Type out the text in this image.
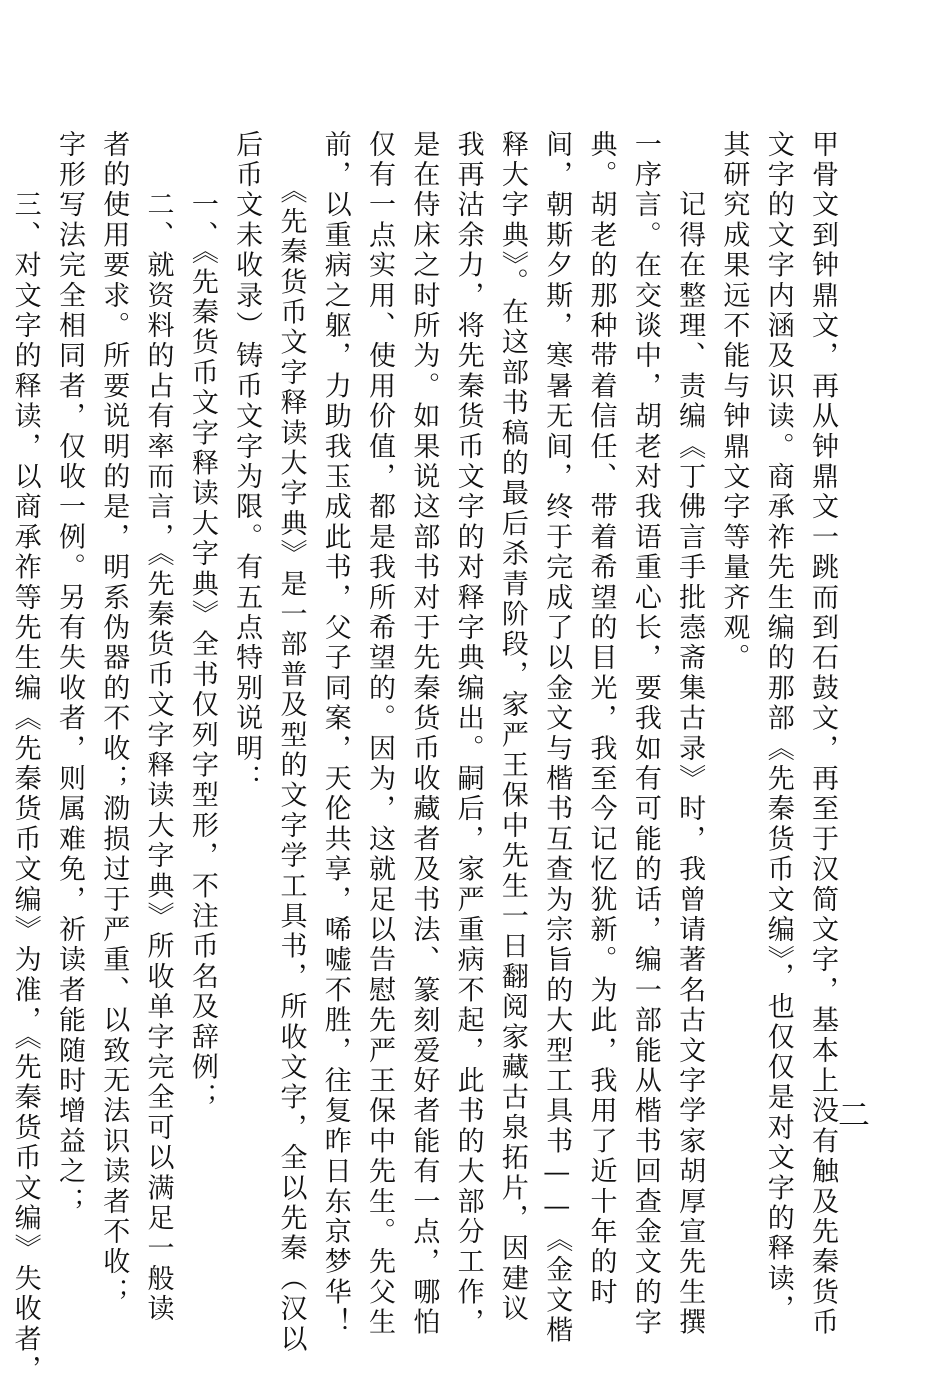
二
甲骨文到钟鼎文，再从钟鼎文一跳而到石鼓文，再至于汉简文字，基本上没有触及先秦货币
文字的文字内涵及识读。商承祚先生编的那部《先秦货币文编》，也仅仅是对文字的释读，
其研究成果远不能与钟鼎文字等量齐观。
　　记得在整理、责编《丁佛言手批悫斋集古录》时，我曾请著名古文字学家胡厚宣先生撰
一序言。在交谈中，胡老对我语重心长，要我如有可能的话，编一部能从楷书回查金文的字
典。胡老的那种带着信任、带着希望的目光，我至今记忆犹新。为此，我用了近十年的时
间，朝斯夕斯，寒暑无间，终于完成了以金文与楷书互查为宗旨的大型工具书——《金文楷
释大字典》。在这部书稿的最后杀青阶段，家严王保中先生一日翻阅家藏古泉拓片，因建议
我再沽余力，将先秦货币文字的对释字典编出。嗣后，家严重病不起，此书的大部分工作，
是在侍床之时所为。如果说这部书对于先秦货币收藏者及书法、篆刻爱好者能有一点，哪怕
仅有一点实用、使用价值，都是我所希望的。因为，这就足以告慰先严王保中先生。先父生
前，以重病之躯，力助我玉成此书，父子同案，天伦共享，唏嘘不胜，往复昨日东京梦华！
　　《先秦货币文字释读大字典》是一部普及型的文字学工具书，所收文字，全以先秦（汉以
后币文未收录）铸币文字为限。有五点特别说明：
　　一、《先秦货币文字释读大字典》全书仅列字型形，不注币名及辞例；
　　二、就资料的占有率而言，《先秦货币文字释读大字典》所收单字完全可以满足一般读
者的使用要求。所要说明的是，明系伪器的不收；泐损过于严重、以致无法识读者不收；
字形写法完全相同者，仅收一例。另有失收者，则属难免，祈读者能随时增益之；
　　三、对文字的释读，以商承祚等先生编《先秦货币文编》为准，《先秦货币文编》失收者，
